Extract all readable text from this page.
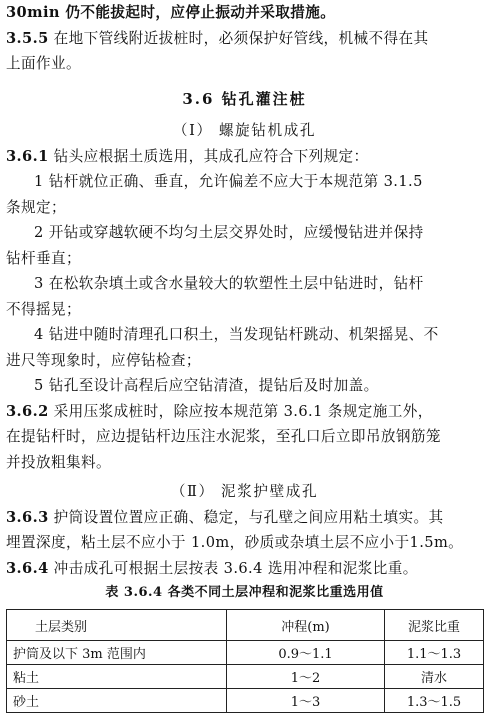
30min 仍不能拔起时，应停止振动并采取措施。
3.5.5 在地下管线附近拔桩时，必须保护好管线，机械不得在其
上面作业。
3.6 钻孔灌注桩
（Ⅰ） 螺旋钻机成孔
3.6.1 钻头应根据土质选用，其成孔应符合下列规定：
1 钻杆就位正确、垂直，允许偏差不应大于本规范第 3.1.5
条规定；
2 开钻或穿越软硬不均匀土层交界处时，应缓慢钻进并保持
钻杆垂直；
3 在松软杂填土或含水量较大的软塑性土层中钻进时，钻杆
不得摇晃；
4 钻进中随时清理孔口积土，当发现钻杆跳动、机架摇晃、不
进尺等现象时，应停钻检查；
5 钻孔至设计高程后应空钻清渣，提钻后及时加盖。
3.6.2 采用压浆成桩时，除应按本规范第 3.6.1 条规定施工外，
在提钻杆时，应边提钻杆边压注水泥浆，至孔口后立即吊放钢筋笼
并投放粗集料。
（Ⅱ） 泥浆护壁成孔
3.6.3 护筒设置位置应正确、稳定，与孔壁之间应用粘土填实。其
埋置深度，粘土层不应小于 1.0m，砂质或杂填土层不应小于1.5m。
3.6.4 冲击成孔可根据土层按表 3.6.4 选用冲程和泥浆比重。
表 3.6.4 各类不同土层冲程和泥浆比重选用值
土层类别	冲程(m)	泥浆比重
护筒及以下 3m 范围内	0.9～1.1	1.1～1.3
粘土	1～2	清水
砂土	1～3	1.3～1.5
